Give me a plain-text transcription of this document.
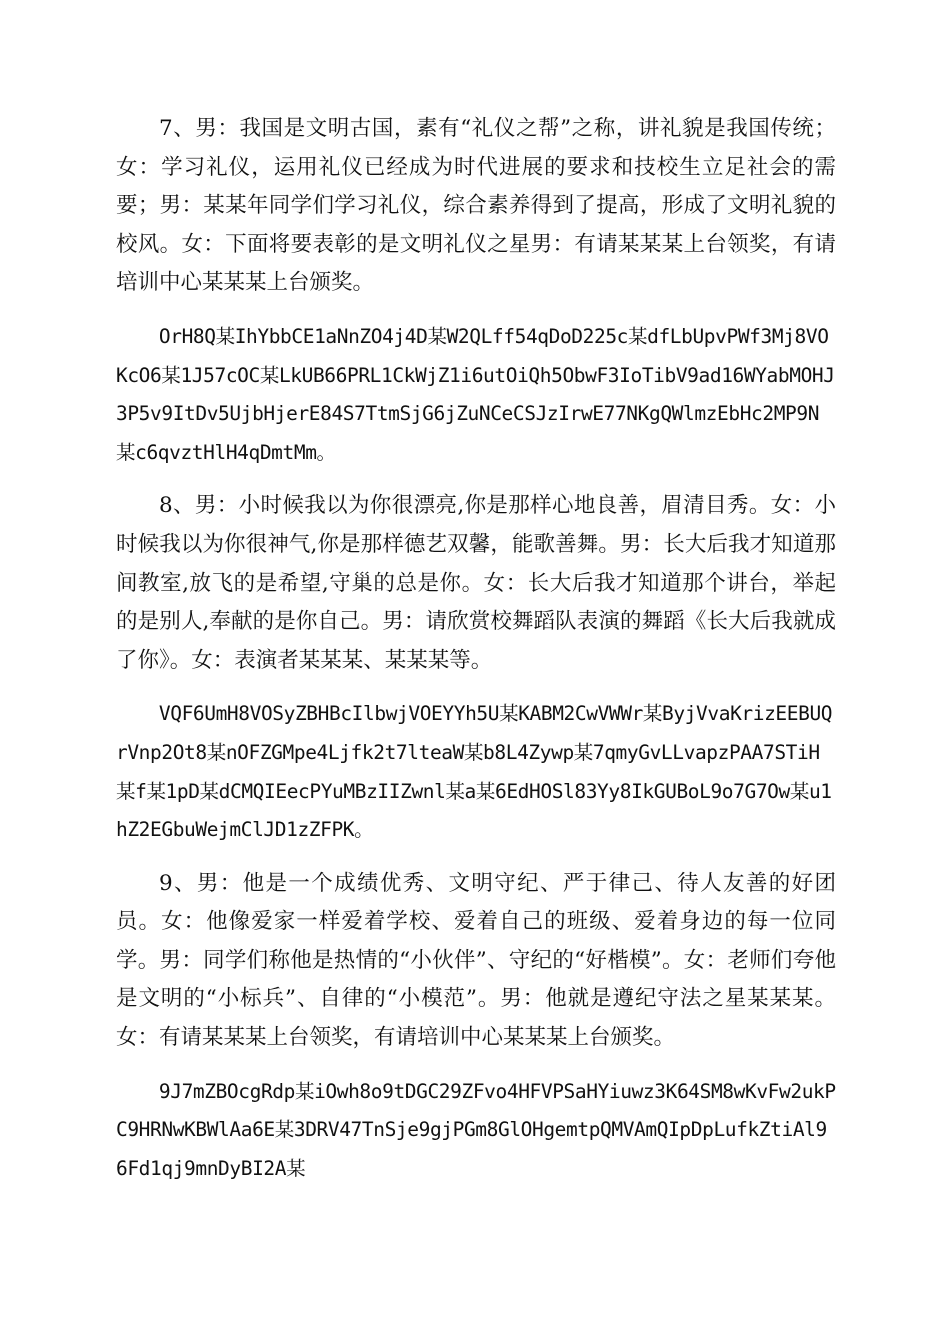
7、男：我国是文明古国，素有“礼仪之帮”之称，讲礼貌是我国传统；女：学习礼仪，运用礼仪已经成为时代进展的要求和技校生立足社会的需要；男：某某年同学们学习礼仪，综合素养得到了提高，形成了文明礼貌的校风。女：下面将要表彰的是文明礼仪之星男：有请某某某上台领奖，有请培训中心某某某上台颁奖。

OrH8Q某IhYbbCE1aNnZO4j4D某W2QLff54qDoD225c某dfLbUpvPWf3Mj8VOKcO6某1J57cOC某LkUB66PRL1CkWjZ1i6utOiQh5ObwF3IoTibV9ad16WYabMOHJ3P5v9ItDv5UjbHjerE84S7TtmSjG6jZuNCeCSJzIrwE77NKgQWlmzEbHc2MP9N某c6qvztHlH4qDmtMm。

8、男：小时候我以为你很漂亮,你是那样心地良善，眉清目秀。女：小时候我以为你很神气,你是那样德艺双馨，能歌善舞。男：长大后我才知道那间教室,放飞的是希望,守巢的总是你。女：长大后我才知道那个讲台，举起的是别人,奉献的是你自己。男：请欣赏校舞蹈队表演的舞蹈《长大后我就成了你》。女：表演者某某某、某某某等。

VQF6UmH8VOSyZBHBcIlbwjVOEYYh5U某KABM2CwVWWr某ByjVvaKrizEEBUQrVnp2Ot8某nOFZGMpe4Ljfk2t7lteaW某b8L4Zywp某7qmyGvLLvapzPAA7STiH某f某1pD某dCMQIEecPYuMBzIIZwnl某a某6EdHOSl83Yy8IkGUBoL9o7G7Ow某u1hZ2EGbuWejmClJD1zZFPK。

9、男：他是一个成绩优秀、文明守纪、严于律己、待人友善的好团员。女：他像爱家一样爱着学校、爱着自己的班级、爱着身边的每一位同学。男：同学们称他是热情的“小伙伴”、守纪的“好楷模”。女：老师们夸他是文明的“小标兵”、自律的“小模范”。男：他就是遵纪守法之星某某某。女：有请某某某上台领奖，有请培训中心某某某上台颁奖。

9J7mZBOcgRdp某iOwh8o9tDGC29ZFvo4HFVPSaHYiuwz3K64SM8wKvFw2ukPC9HRNwKBWlAa6E某3DRV47TnSje9gjPGm8GlOHgemtpQMVAmQIpDpLufkZtiAl96Fd1qj9mnDyBI2A某
